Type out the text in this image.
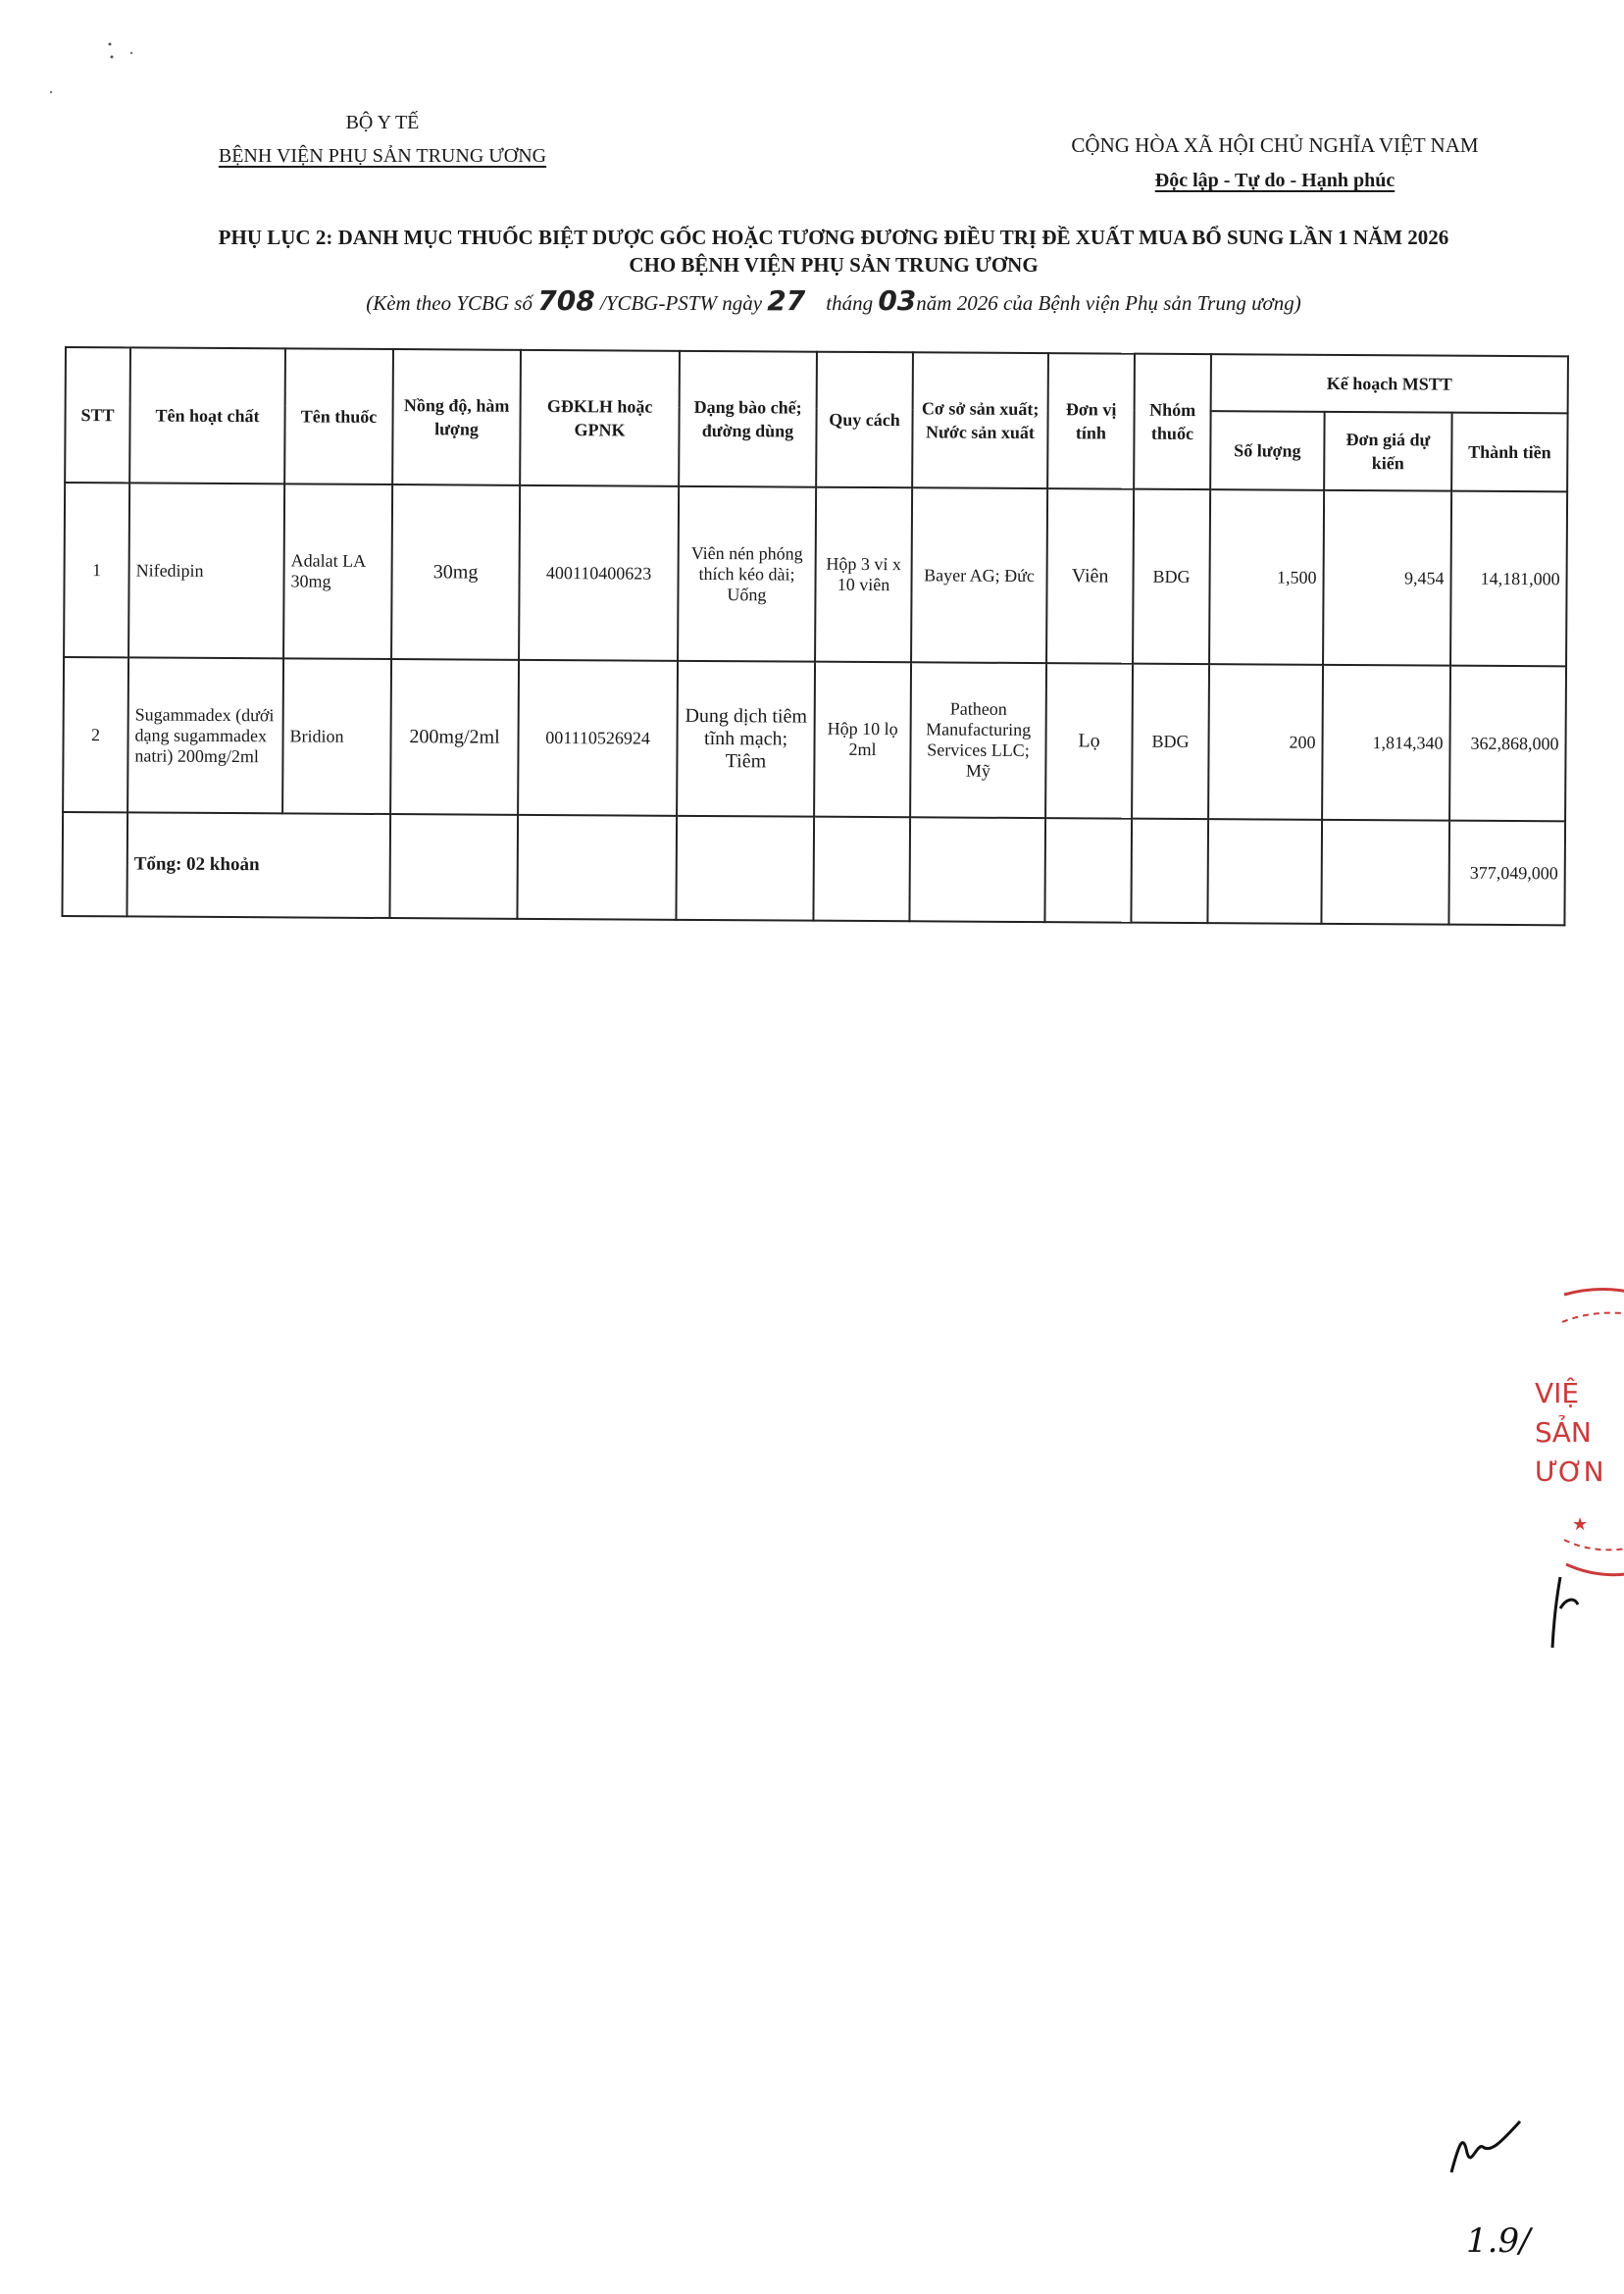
BỘ Y TẾ
BỆNH VIỆN PHỤ SẢN TRUNG ƯƠNG	CỘNG HÒA XÃ HỘI CHỦ NGHĨA VIỆT NAM
Độc lập - Tự do - Hạnh phúc
PHỤ LỤC 2: DANH MỤC THUỐC BIỆT DƯỢC GỐC HOẶC TƯƠNG ĐƯƠNG ĐIỀU TRỊ ĐỀ XUẤT MUA BỔ SUNG LẦN 1 NĂM 2026
CHO BỆNH VIỆN PHỤ SẢN TRUNG ƯƠNG
(Kèm theo YCBG số 708 /YCBG-PSTW ngày 27 tháng 03năm 2026 của Bệnh viện Phụ sản Trung ương)
STT	Tên hoạt chất	Tên thuốc	Nồng độ, hàm lượng	GĐKLH hoặc GPNK	Dạng bào chế; đường dùng	Quy cách	Cơ sở sản xuất; Nước sản xuất	Đơn vị tính	Nhóm thuốc	Kế hoạch MSTT		
										Số lượng	Đơn giá dự kiến	Thành tiền
1	Nifedipin	Adalat LA 30mg	30mg	400110400623	Viên nén phóng thích kéo dài; Uống	Hộp 3 vỉ x 10 viên	Bayer AG; Đức	Viên	BDG	1,500	9,454	14,181,000
2	Sugammadex (dưới dạng sugammadex natri) 200mg/2ml	Bridion	200mg/2ml	001110526924	Dung dịch tiêm tĩnh mạch; Tiêm	Hộp 10 lọ 2ml	Patheon Manufacturing Services LLC; Mỹ	Lọ	BDG	200	1,814,340	362,868,000
	Tổng: 02 khoản											377,049,000
★
VIỆ
SẢN
ƯƠN
1.9/
